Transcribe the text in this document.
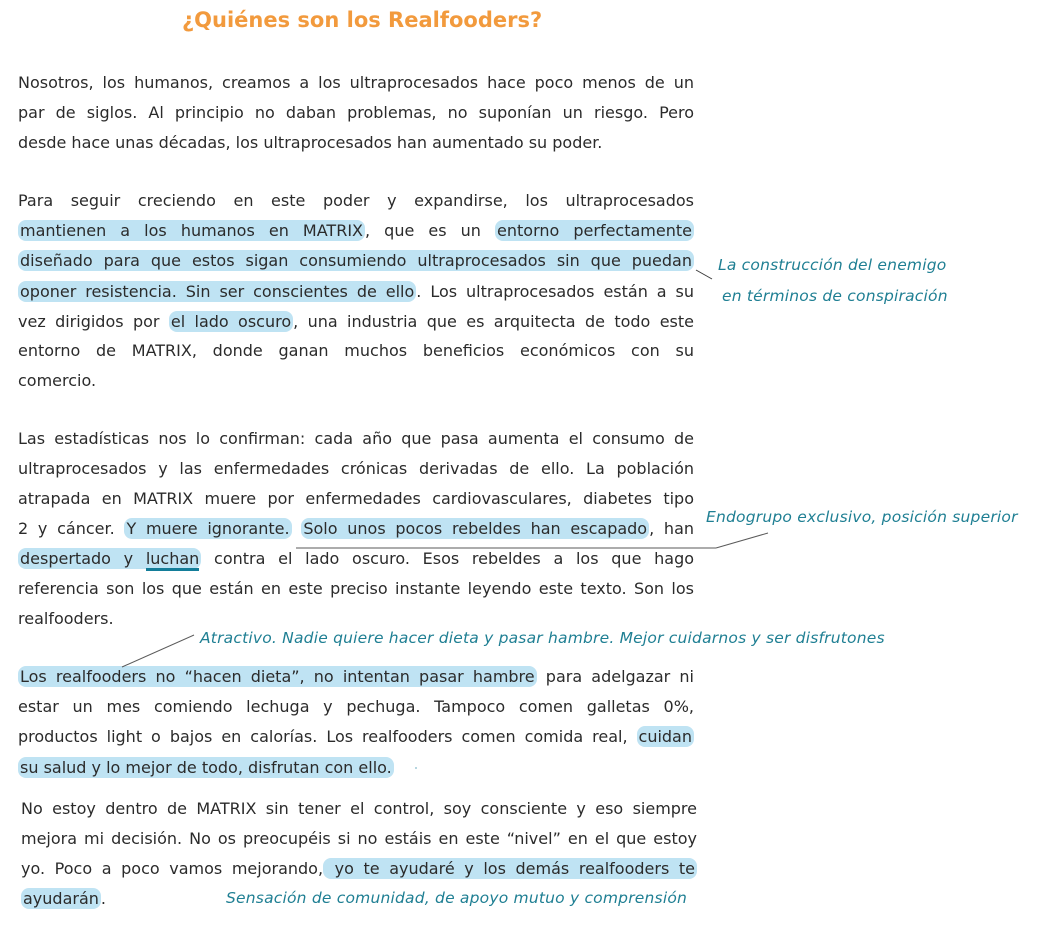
¿Quiénes son los Realfooders?
Nosotros, los humanos, creamos a los ultraprocesados hace poco menos de un
par de siglos. Al principio no daban problemas, no suponían un riesgo. Pero
desde hace unas décadas, los ultraprocesados han aumentado su poder.
Para seguir creciendo en este poder y expandirse, los ultraprocesados
mantienen a los humanos en MATRIX , que es un entorno perfectamente
diseñado para que estos sigan consumiendo ultraprocesados sin que puedan
oponer resistencia. Sin ser conscientes de ello . Los ultraprocesados están a su
vez dirigidos por el lado oscuro , una industria que es arquitecta de todo este
entorno de MATRIX, donde ganan muchos beneficios económicos con su
comercio.
Las estadísticas nos lo confirman: cada año que pasa aumenta el consumo de
ultraprocesados y las enfermedades crónicas derivadas de ello. La población
atrapada en MATRIX muere por enfermedades cardiovasculares, diabetes tipo
2 y cáncer. Y muere ignorante. Solo unos pocos rebeldes han escapado , han
despertado y luchan contra el lado oscuro. Esos rebeldes a los que hago
referencia son los que están en este preciso instante leyendo este texto. Son los
realfooders.
Los realfooders no “hacen dieta”, no intentan pasar hambre para adelgazar ni
estar un mes comiendo lechuga y pechuga. Tampoco comen galletas 0%,
productos light o bajos en calorías. Los realfooders comen comida real, cuidan
su salud y lo mejor de todo, disfrutan con ello.
No estoy dentro de MATRIX sin tener el control, soy consciente y eso siempre
mejora mi decisión. No os preocupéis si no estáis en este “nivel” en el que estoy
yo. Poco a poco vamos mejorando, yo te ayudaré y los demás realfooders te
ayudarán .
La construcción del enemigo
en términos de conspiración
Endogrupo exclusivo, posición superior
Atractivo. Nadie quiere hacer dieta y pasar hambre. Mejor cuidarnos y ser disfrutones
Sensación de comunidad, de apoyo mutuo y comprensión
